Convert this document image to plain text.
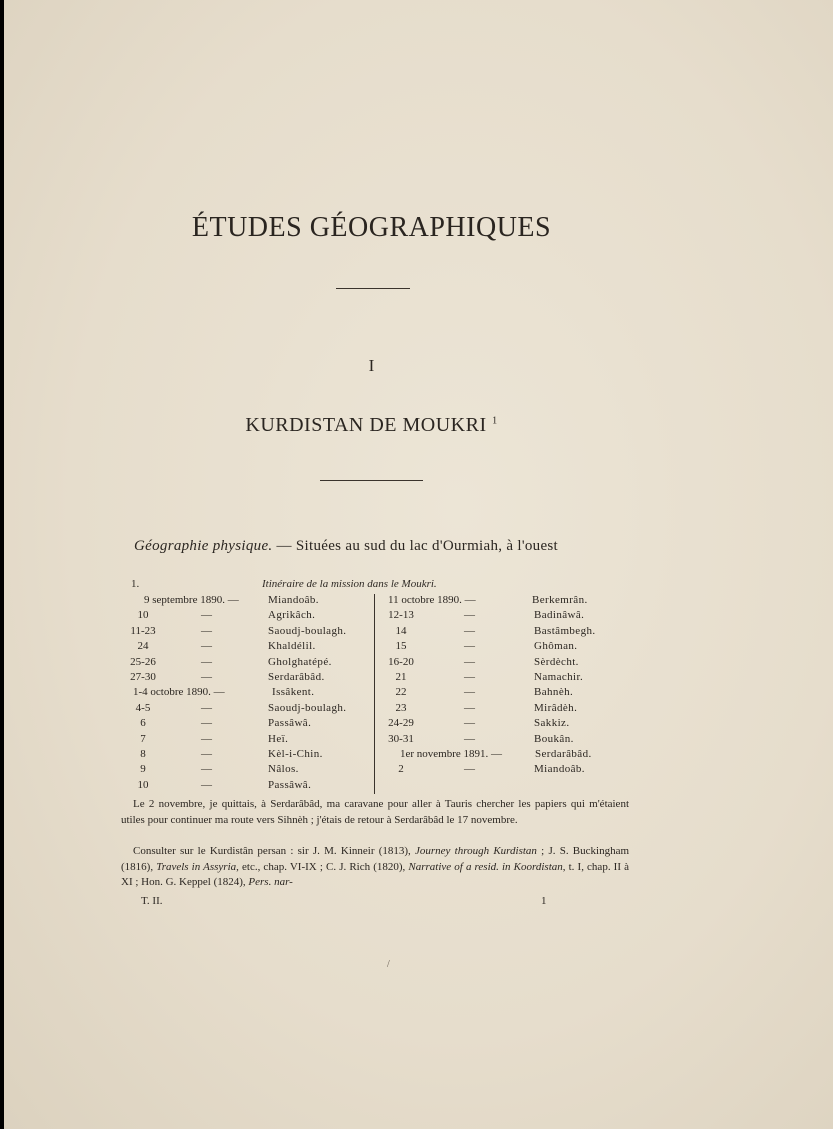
ÉTUDES GÉOGRAPHIQUES
I
KURDISTAN DE MOUKRI $^1$
Géographie physique. — Situées au sud du lac d'Ourmiah, à l'ouest
1.	Itinéraire de la mission dans le Moukri.
Le 2 novembre, je quittais, à Serdarâbâd, ma caravane pour aller à Tauris chercher les papiers qui m'étaient utiles pour continuer ma route vers Sihnèh ; j'étais de retour à Serdarâbâd le 17 novembre.
Consulter sur le Kurdistân persan : sir J. M. Kinneir (1813), Journey through Kurdistan ; J. S. Buckingham (1816), Travels in Assyria, etc., chap. VI-IX ; C. J. Rich (1820), Narrative of a resid. in Koordistan, t. I, chap. II à XI ; Hon. G. Keppel (1824), Pers. nar-
T. II.	1
/
9 septembre 1890. —	Miandoâb.
10	—	Agrikâch.
11-23	—	Saoudj-boulagh.
24	—	Khaldélil.
25-26	—	Gholghatépé.
27-30	—	Serdarâbâd.
1-4 octobre 1890. —	Issâkent.
4-5	—	Saoudj-boulagh.
6	—	Passâwâ.
7	—	Heï.
8	—	Kèl-i-Chin.
9	—	Nâlos.
10	—	Passâwâ.
11 octobre 1890. —	Berkemrân.
12-13	—	Badinâwâ.
14	—	Bastâmbegh.
15	—	Ghôman.
16-20	—	Sèrdècht.
21	—	Namachir.
22	—	Bahnèh.
23	—	Mirâdèh.
24-29	—	Sakkiz.
30-31	—	Boukân.
1er novembre 1891. —	Serdarâbâd.
2	—	Miandoâb.
